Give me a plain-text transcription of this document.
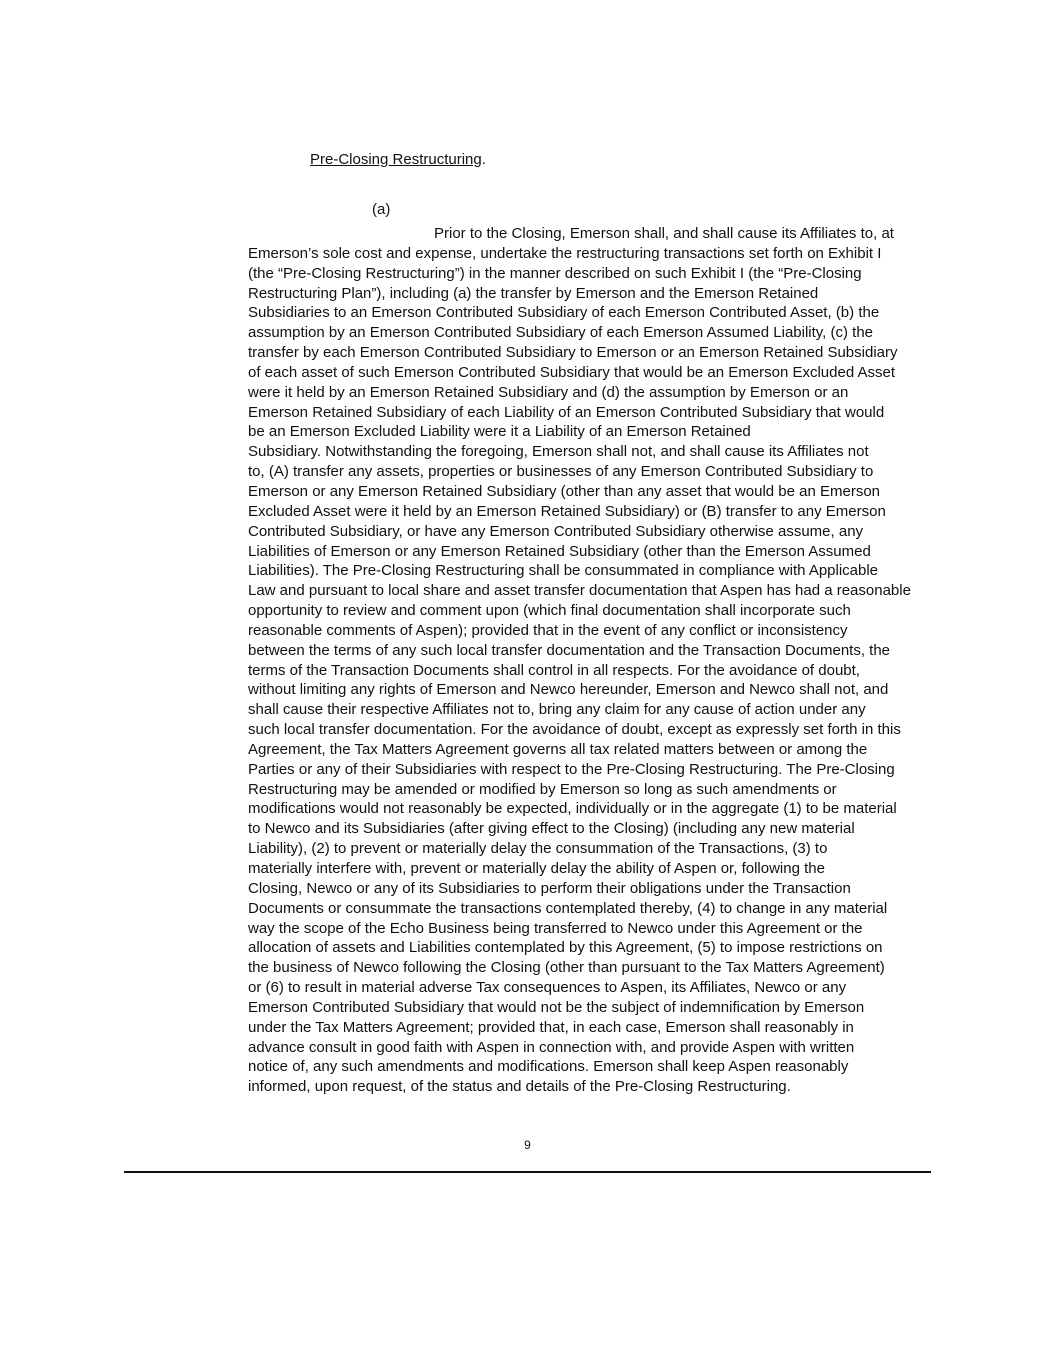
Pre-Closing Restructuring.
(a)
Prior to the Closing, Emerson shall, and shall cause its Affiliates to, at
Emerson’s sole cost and expense, undertake the restructuring transactions set forth on Exhibit I
(the “Pre-Closing Restructuring”) in the manner described on such Exhibit I (the “Pre-Closing
Restructuring Plan”), including (a) the transfer by Emerson and the Emerson Retained
Subsidiaries to an Emerson Contributed Subsidiary of each Emerson Contributed Asset, (b) the
assumption by an Emerson Contributed Subsidiary of each Emerson Assumed Liability, (c) the
transfer by each Emerson Contributed Subsidiary to Emerson or an Emerson Retained Subsidiary
of each asset of such Emerson Contributed Subsidiary that would be an Emerson Excluded Asset
were it held by an Emerson Retained Subsidiary and (d) the assumption by Emerson or an
Emerson Retained Subsidiary of each Liability of an Emerson Contributed Subsidiary that would
be an Emerson Excluded Liability were it a Liability of an Emerson Retained
Subsidiary. Notwithstanding the foregoing, Emerson shall not, and shall cause its Affiliates not
to, (A) transfer any assets, properties or businesses of any Emerson Contributed Subsidiary to
Emerson or any Emerson Retained Subsidiary (other than any asset that would be an Emerson
Excluded Asset were it held by an Emerson Retained Subsidiary) or (B) transfer to any Emerson
Contributed Subsidiary, or have any Emerson Contributed Subsidiary otherwise assume, any
Liabilities of Emerson or any Emerson Retained Subsidiary (other than the Emerson Assumed
Liabilities). The Pre-Closing Restructuring shall be consummated in compliance with Applicable
Law and pursuant to local share and asset transfer documentation that Aspen has had a reasonable
opportunity to review and comment upon (which final documentation shall incorporate such
reasonable comments of Aspen); provided that in the event of any conflict or inconsistency
between the terms of any such local transfer documentation and the Transaction Documents, the
terms of the Transaction Documents shall control in all respects. For the avoidance of doubt,
without limiting any rights of Emerson and Newco hereunder, Emerson and Newco shall not, and
shall cause their respective Affiliates not to, bring any claim for any cause of action under any
such local transfer documentation. For the avoidance of doubt, except as expressly set forth in this
Agreement, the Tax Matters Agreement governs all tax related matters between or among the
Parties or any of their Subsidiaries with respect to the Pre-Closing Restructuring. The Pre-Closing
Restructuring may be amended or modified by Emerson so long as such amendments or
modifications would not reasonably be expected, individually or in the aggregate (1) to be material
to Newco and its Subsidiaries (after giving effect to the Closing) (including any new material
Liability), (2) to prevent or materially delay the consummation of the Transactions, (3) to
materially interfere with, prevent or materially delay the ability of Aspen or, following the
Closing, Newco or any of its Subsidiaries to perform their obligations under the Transaction
Documents or consummate the transactions contemplated thereby, (4) to change in any material
way the scope of the Echo Business being transferred to Newco under this Agreement or the
allocation of assets and Liabilities contemplated by this Agreement, (5) to impose restrictions on
the business of Newco following the Closing (other than pursuant to the Tax Matters Agreement)
or (6) to result in material adverse Tax consequences to Aspen, its Affiliates, Newco or any
Emerson Contributed Subsidiary that would not be the subject of indemnification by Emerson
under the Tax Matters Agreement; provided that, in each case, Emerson shall reasonably in
advance consult in good faith with Aspen in connection with, and provide Aspen with written
notice of, any such amendments and modifications. Emerson shall keep Aspen reasonably
informed, upon request, of the status and details of the Pre-Closing Restructuring.
9
